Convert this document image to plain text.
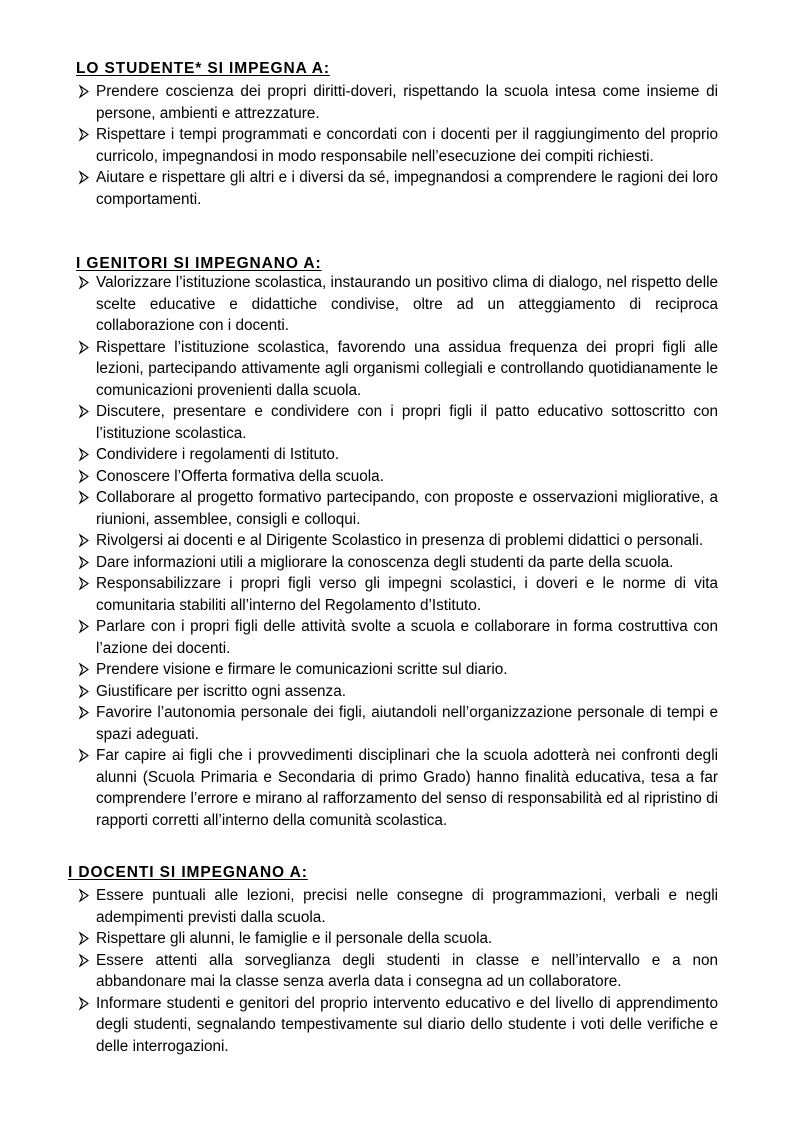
LO STUDENTE* SI IMPEGNA A:
Prendere coscienza dei propri diritti-doveri, rispettando la scuola intesa come insieme di persone, ambienti e attrezzature.
Rispettare i tempi programmati e concordati con i docenti per il raggiungimento del proprio curricolo, impegnandosi in modo responsabile nell’esecuzione dei compiti richiesti.
Aiutare e rispettare gli altri e i diversi da sé, impegnandosi a comprendere le ragioni dei loro comportamenti.
I GENITORI SI IMPEGNANO A:
Valorizzare l’istituzione scolastica, instaurando un positivo clima di dialogo, nel rispetto delle scelte educative e didattiche condivise, oltre ad un atteggiamento di reciproca collaborazione con i docenti.
Rispettare l’istituzione scolastica, favorendo una assidua frequenza dei propri figli alle lezioni, partecipando attivamente agli organismi collegiali e controllando quotidianamente le comunicazioni provenienti dalla scuola.
Discutere, presentare e condividere con i propri figli il patto educativo sottoscritto con l’istituzione scolastica.
Condividere i regolamenti di Istituto.
Conoscere l’Offerta formativa della scuola.
Collaborare al progetto formativo partecipando, con proposte e osservazioni migliorative, a riunioni, assemblee, consigli e colloqui.
Rivolgersi ai docenti e al Dirigente Scolastico in presenza di problemi didattici o personali.
Dare informazioni utili a migliorare la conoscenza degli studenti da parte della scuola.
Responsabilizzare i propri figli verso gli impegni scolastici, i doveri e le norme di vita comunitaria stabiliti all’interno del Regolamento d’Istituto.
Parlare con i propri figli delle attività svolte a scuola e collaborare in forma costruttiva con l’azione dei docenti.
Prendere visione e firmare le comunicazioni scritte sul diario.
Giustificare per iscritto ogni assenza.
Favorire l’autonomia personale dei figli, aiutandoli nell’organizzazione personale di tempi e spazi adeguati.
Far capire ai figli che i provvedimenti disciplinari che la scuola adotterà nei confronti degli alunni (Scuola Primaria e Secondaria di primo Grado) hanno finalità educativa, tesa a far comprendere l’errore e mirano al rafforzamento del senso di responsabilità ed al ripristino di rapporti corretti all’interno della comunità scolastica.
I DOCENTI SI IMPEGNANO A:
Essere puntuali alle lezioni, precisi nelle consegne di programmazioni, verbali e negli adempimenti previsti dalla scuola.
Rispettare gli alunni, le famiglie e il personale della scuola.
Essere attenti alla sorveglianza degli studenti in classe e nell’intervallo e a non abbandonare mai la classe senza averla data i consegna ad un collaboratore.
Informare studenti e genitori del proprio intervento educativo e del livello di apprendimento degli studenti, segnalando tempestivamente sul diario dello studente i voti delle verifiche e delle interrogazioni.
